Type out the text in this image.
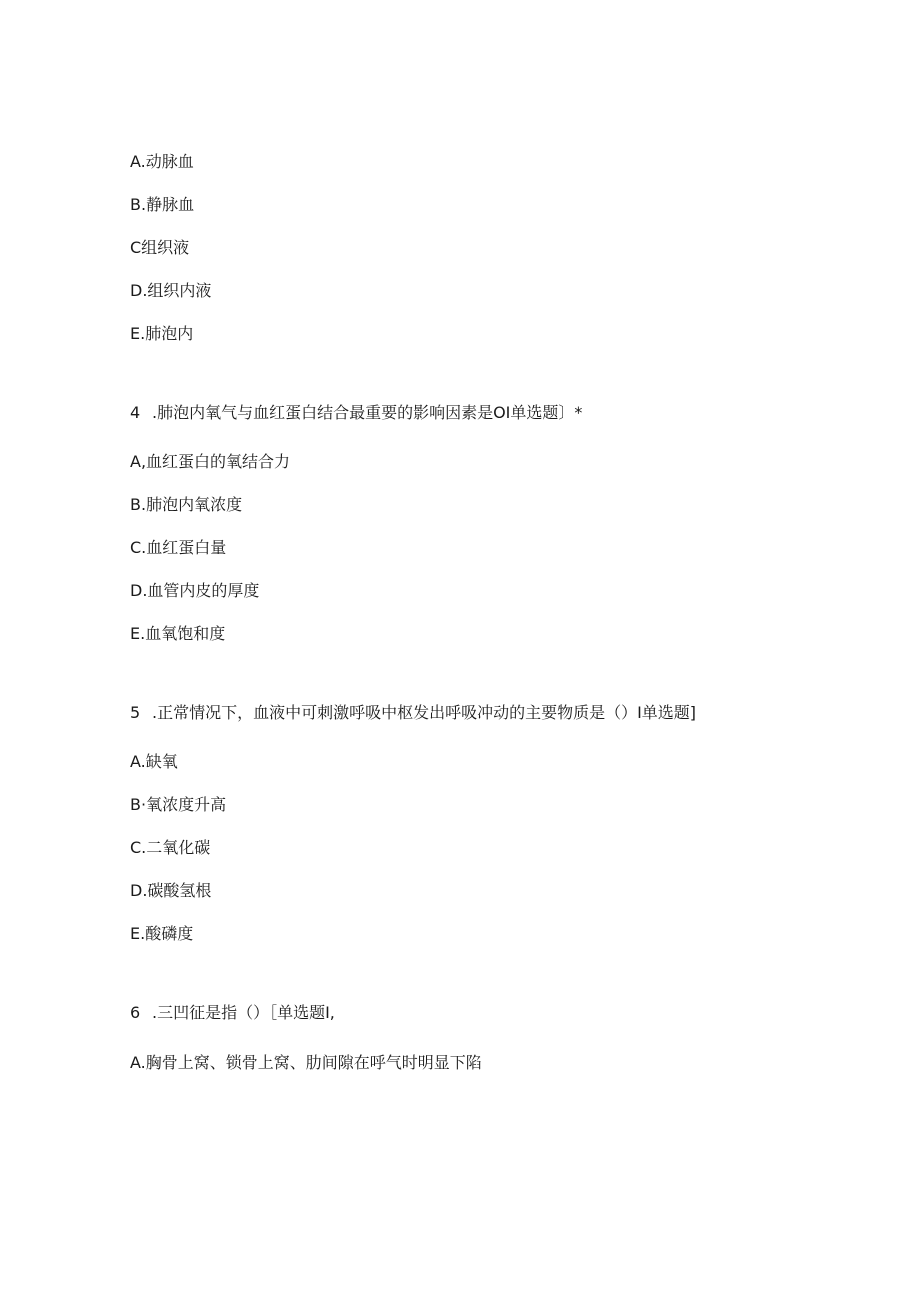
A.动脉血
B.静脉血
C组织液
D.组织内液
E.肺泡内
4 .肺泡内氧气与血红蛋白结合最重要的影响因素是OI单选题〕*
A,血红蛋白的氧结合力
B.肺泡内氧浓度
C.血红蛋白量
D.血管内皮的厚度
E.血氧饱和度
5 .正常情况下，血液中可刺激呼吸中枢发出呼吸冲动的主要物质是（）I单选题]
A.缺氧
B·氧浓度升高
C.二氧化碳
D.碳酸氢根
E.酸磷度
6 .三凹征是指（）［单选题I,
A.胸骨上窝、锁骨上窝、肋间隙在呼气时明显下陷
